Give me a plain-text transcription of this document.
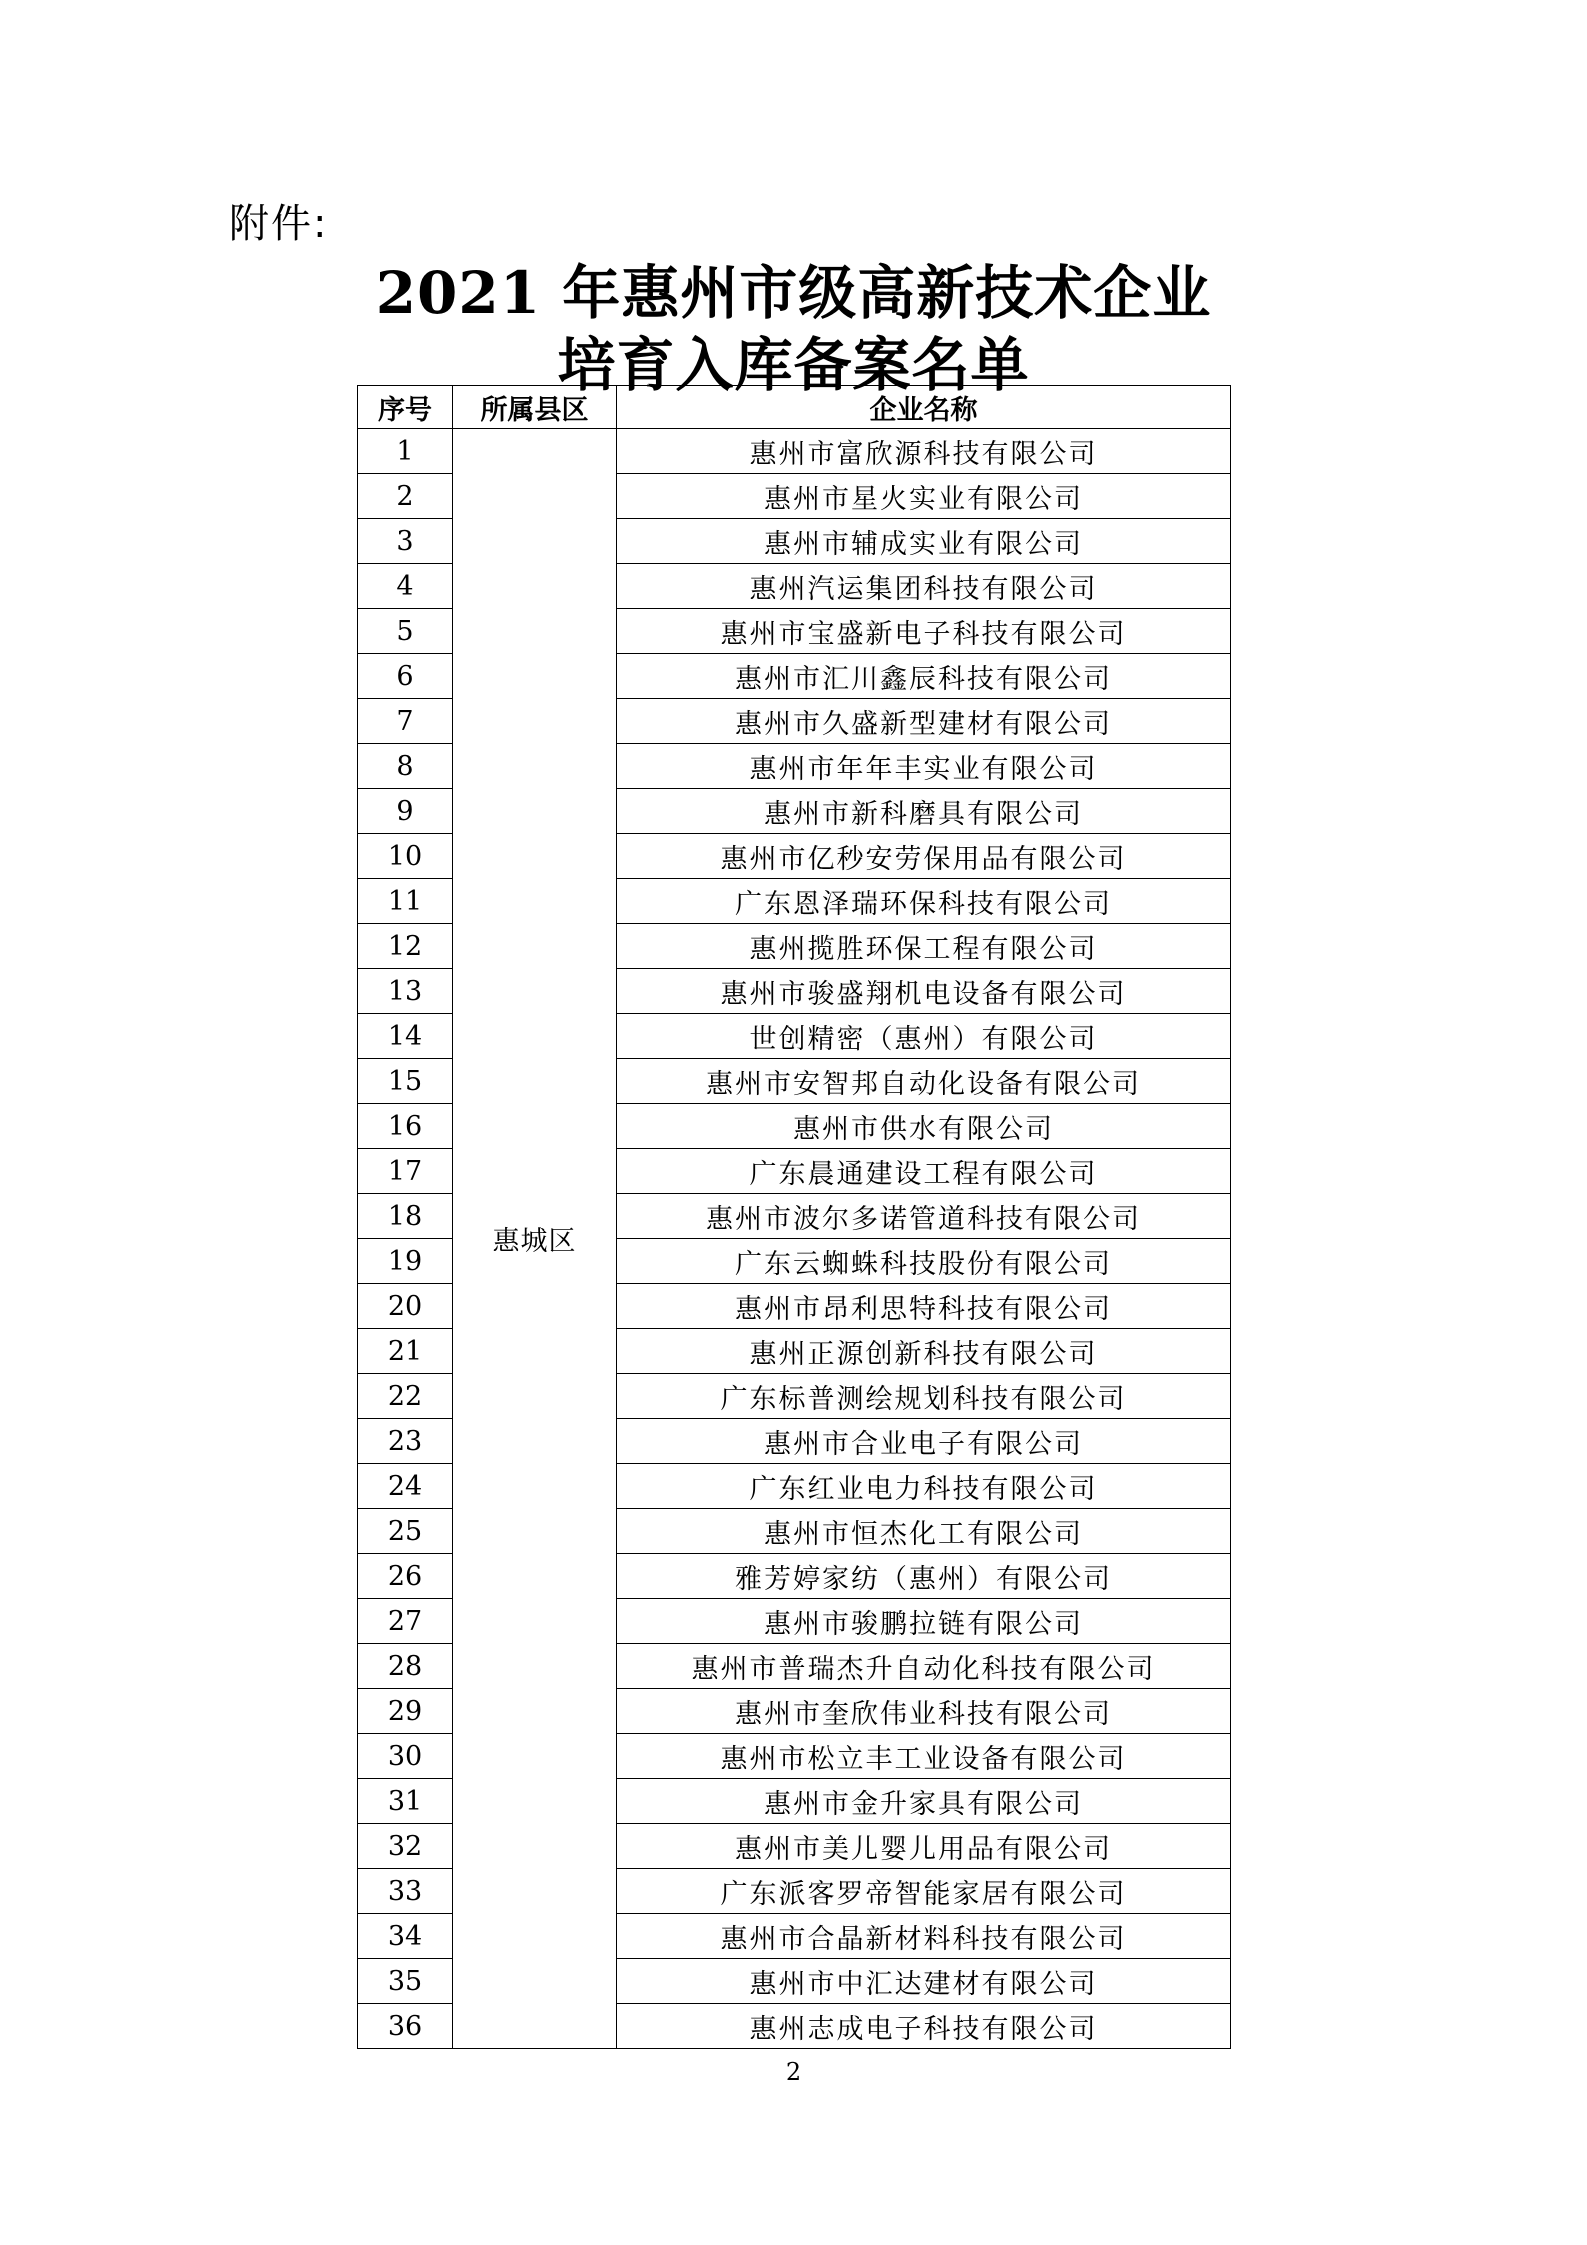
附件:
2021 年惠州市级高新技术企业
培育入库备案名单
序号	所属县区	企业名称
1	惠城区	惠州市富欣源科技有限公司
2		惠州市星火实业有限公司
3		惠州市辅成实业有限公司
4		惠州汽运集团科技有限公司
5		惠州市宝盛新电子科技有限公司
6		惠州市汇川鑫辰科技有限公司
7		惠州市久盛新型建材有限公司
8		惠州市年年丰实业有限公司
9		惠州市新科磨具有限公司
10		惠州市亿秒安劳保用品有限公司
11		广东恩泽瑞环保科技有限公司
12		惠州揽胜环保工程有限公司
13		惠州市骏盛翔机电设备有限公司
14		世创精密（惠州）有限公司
15		惠州市安智邦自动化设备有限公司
16		惠州市供水有限公司
17		广东晨通建设工程有限公司
18		惠州市波尔多诺管道科技有限公司
19		广东云蜘蛛科技股份有限公司
20		惠州市昂利思特科技有限公司
21		惠州正源创新科技有限公司
22		广东标普测绘规划科技有限公司
23		惠州市合业电子有限公司
24		广东红业电力科技有限公司
25		惠州市恒杰化工有限公司
26		雅芳婷家纺（惠州）有限公司
27		惠州市骏鹏拉链有限公司
28		惠州市普瑞杰升自动化科技有限公司
29		惠州市奎欣伟业科技有限公司
30		惠州市松立丰工业设备有限公司
31		惠州市金升家具有限公司
32		惠州市美儿婴儿用品有限公司
33		广东派客罗帝智能家居有限公司
34		惠州市合晶新材料科技有限公司
35		惠州市中汇达建材有限公司
36		惠州志成电子科技有限公司
2
